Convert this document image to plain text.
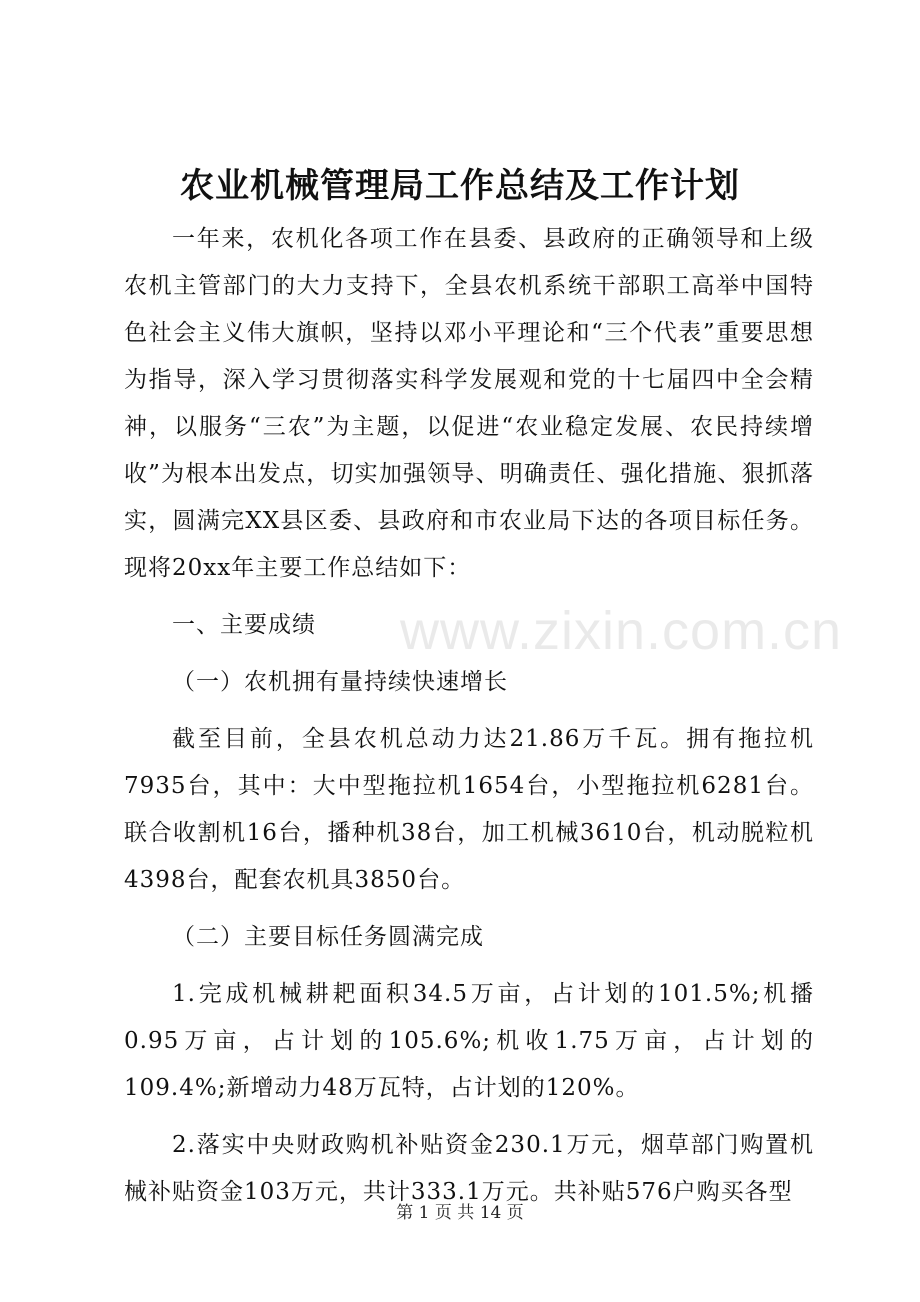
农业机械管理局工作总结及工作计划

一年来，农机化各项工作在县委、县政府的正确领导和上级农机主管部门的大力支持下，全县农机系统干部职工高举中国特色社会主义伟大旗帜，坚持以邓小平理论和“三个代表”重要思想为指导，深入学习贯彻落实科学发展观和党的十七届四中全会精神，以服务“三农”为主题，以促进“农业稳定发展、农民持续增收”为根本出发点，切实加强领导、明确责任、强化措施、狠抓落实，圆满完XX县区委、县政府和市农业局下达的各项目标任务。现将20xx年主要工作总结如下：

一、主要成绩

（一）农机拥有量持续快速增长

截至目前，全县农机总动力达21.86万千瓦。拥有拖拉机7935台，其中：大中型拖拉机1654台，小型拖拉机6281台。联合收割机16台，播种机38台，加工机械3610台，机动脱粒机4398台，配套农机具3850台。

（二）主要目标任务圆满完成

1.完成机械耕耙面积34.5万亩，占计划的101.5%;机播0.95万亩，占计划的105.6%;机收1.75万亩，占计划的109.4%;新增动力48万瓦特，占计划的120%。

2.落实中央财政购机补贴资金230.1万元，烟草部门购置机械补贴资金103万元，共计333.1万元。共补贴576户购买各型

www.zixin.com.cn
第 1 页 共 14 页
